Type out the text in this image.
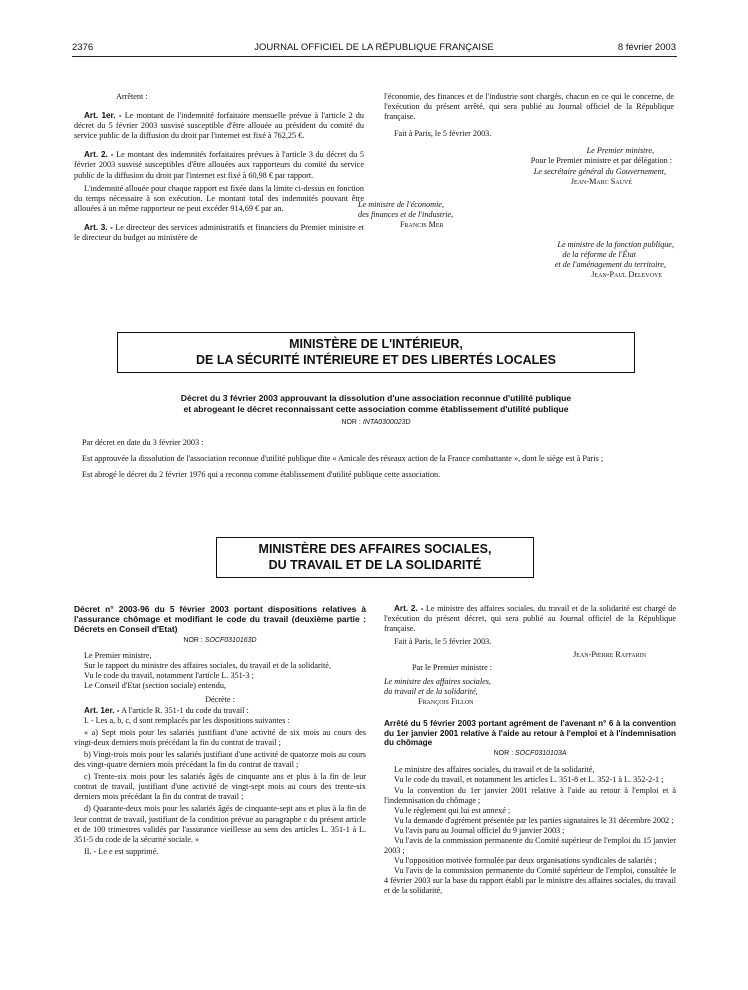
2376	JOURNAL OFFICIEL DE LA RÉPUBLIQUE FRANÇAISE	8 février 2003

Arrêtent :

Art. 1er. - Le montant de l'indemnité forfaitaire mensuelle prévue à l'article 2 du décret du 5 février 2003 susvisé susceptible d'être allouée au président du comité du service public de la diffusion du droit par l'internet est fixé à 762,25 €.

Art. 2. - Le montant des indemnités forfaitaires prévues à l'article 3 du décret du 5 février 2003 susvisé susceptibles d'être allouées aux rapporteurs du comité du service public de la diffusion du droit par l'internet est fixé à 60,98 € par rapport.

L'indemnité allouée pour chaque rapport est fixée dans la limite ci-dessus en fonction du temps nécessaire à son exécution. Le montant total des indemnités pouvant être allouées à un même rapporteur ne peut excéder 914,69 € par an.

Art. 3. - Le directeur des services administratifs et financiers du Premier ministre et le directeur du budget au ministère de

l'économie, des finances et de l'industrie sont chargés, chacun en ce qui le concerne, de l'exécution du présent arrêté, qui sera publié au Journal officiel de la République française.

Fait à Paris, le 5 février 2003.

Le Premier ministre,

Pour le Premier ministre et par délégation :

Le secrétaire général du Gouvernement,

Jean-Marc Sauvé

Le ministre de l'économie,

des finances et de l'industrie,

Francis Mer

Le ministre de la fonction publique,

de la réforme de l'État

et de l'aménagement du territoire,

Jean-Paul Delevoye

MINISTÈRE DE L'INTÉRIEUR,
DE LA SÉCURITÉ INTÉRIEURE ET DES LIBERTÉS LOCALES
Décret du 3 février 2003 approuvant la dissolution d'une association reconnue d'utilité publique
et abrogeant le décret reconnaissant cette association comme établissement d'utilité publique
NOR : INTA0300023D

Par décret en date du 3 février 2003 :

Est approuvée la dissolution de l'association reconnue d'utilité publique dite « Amicale des réseaux action de la France combattante », dont le siège est à Paris ;

Est abrogé le décret du 2 février 1976 qui a reconnu comme établissement d'utilité publique cette association.

MINISTÈRE DES AFFAIRES SOCIALES,
DU TRAVAIL ET DE LA SOLIDARITÉ

Décret n° 2003-96 du 5 février 2003 portant dispositions relatives à l'assurance chômage et modifiant le code du travail (deuxième partie : Décrets en Conseil d'Etat)

NOR : SOCF0310163D

Le Premier ministre,

Sur le rapport du ministre des affaires sociales, du travail et de la solidarité,

Vu le code du travail, notamment l'article L. 351-3 ;

Le Conseil d'Etat (section sociale) entendu,

Décrète :

Art. 1er. - A l'article R. 351-1 du code du travail :

I. - Les a, b, c, d sont remplacés par les dispositions suivantes :

« a) Sept mois pour les salariés justifiant d'une activité de six mois au cours des vingt-deux derniers mois précédant la fin du contrat de travail ;

b) Vingt-trois mois pour les salariés justifiant d'une activité de quatorze mois au cours des vingt-quatre derniers mois précédant la fin du contrat de travail ;

c) Trente-six mois pour les salariés âgés de cinquante ans et plus à la fin de leur contrat de travail, justifiant d'une activité de vingt-sept mois au cours des trente-six derniers mois précédant la fin du contrat de travail ;

d) Quarante-deux mois pour les salariés âgés de cinquante-sept ans et plus à la fin de leur contrat de travail, justifiant de la condition prévue au paragraphe c du présent article et de 100 trimestres validés par l'assurance vieillesse au sens des articles L. 351-1 à L. 351-5 du code de la sécurité sociale. »

II. - Le e est supprimé.

Art. 2. - Le ministre des affaires sociales, du travail et de la solidarité est chargé de l'exécution du présent décret, qui sera publié au Journal officiel de la République française.

Fait à Paris, le 5 février 2003.

Jean-Pierre Raffarin

Par le Premier ministre :

Le ministre des affaires sociales,

du travail et de la solidarité,

François Fillon

Arrêté du 5 février 2003 portant agrément de l'avenant n° 6 à la convention du 1er janvier 2001 relative à l'aide au retour à l'emploi et à l'indemnisation du chômage

NOR : SOCF0310103A

Le ministre des affaires sociales, du travail et de la solidarité,

Vu le code du travail, et notamment les articles L. 351-8 et L. 352-1 à L. 352-2-1 ;

Vu la convention du 1er janvier 2001 relative à l'aide au retour à l'emploi et à l'indemnisation du chômage ;

Vu le règlement qui lui est annexé ;

Vu la demande d'agrément présentée par les parties signataires le 31 décembre 2002 ;

Vu l'avis paru au Journal officiel du 9 janvier 2003 ;

Vu l'avis de la commission permanente du Comité supérieur de l'emploi du 15 janvier 2003 ;

Vu l'opposition motivée formulée par deux organisations syndicales de salariés ;

Vu l'avis de la commission permanente du Comité supérieur de l'emploi, consultée le 4 février 2003 sur la base du rapport établi par le ministre des affaires sociales, du travail et de la solidarité,
